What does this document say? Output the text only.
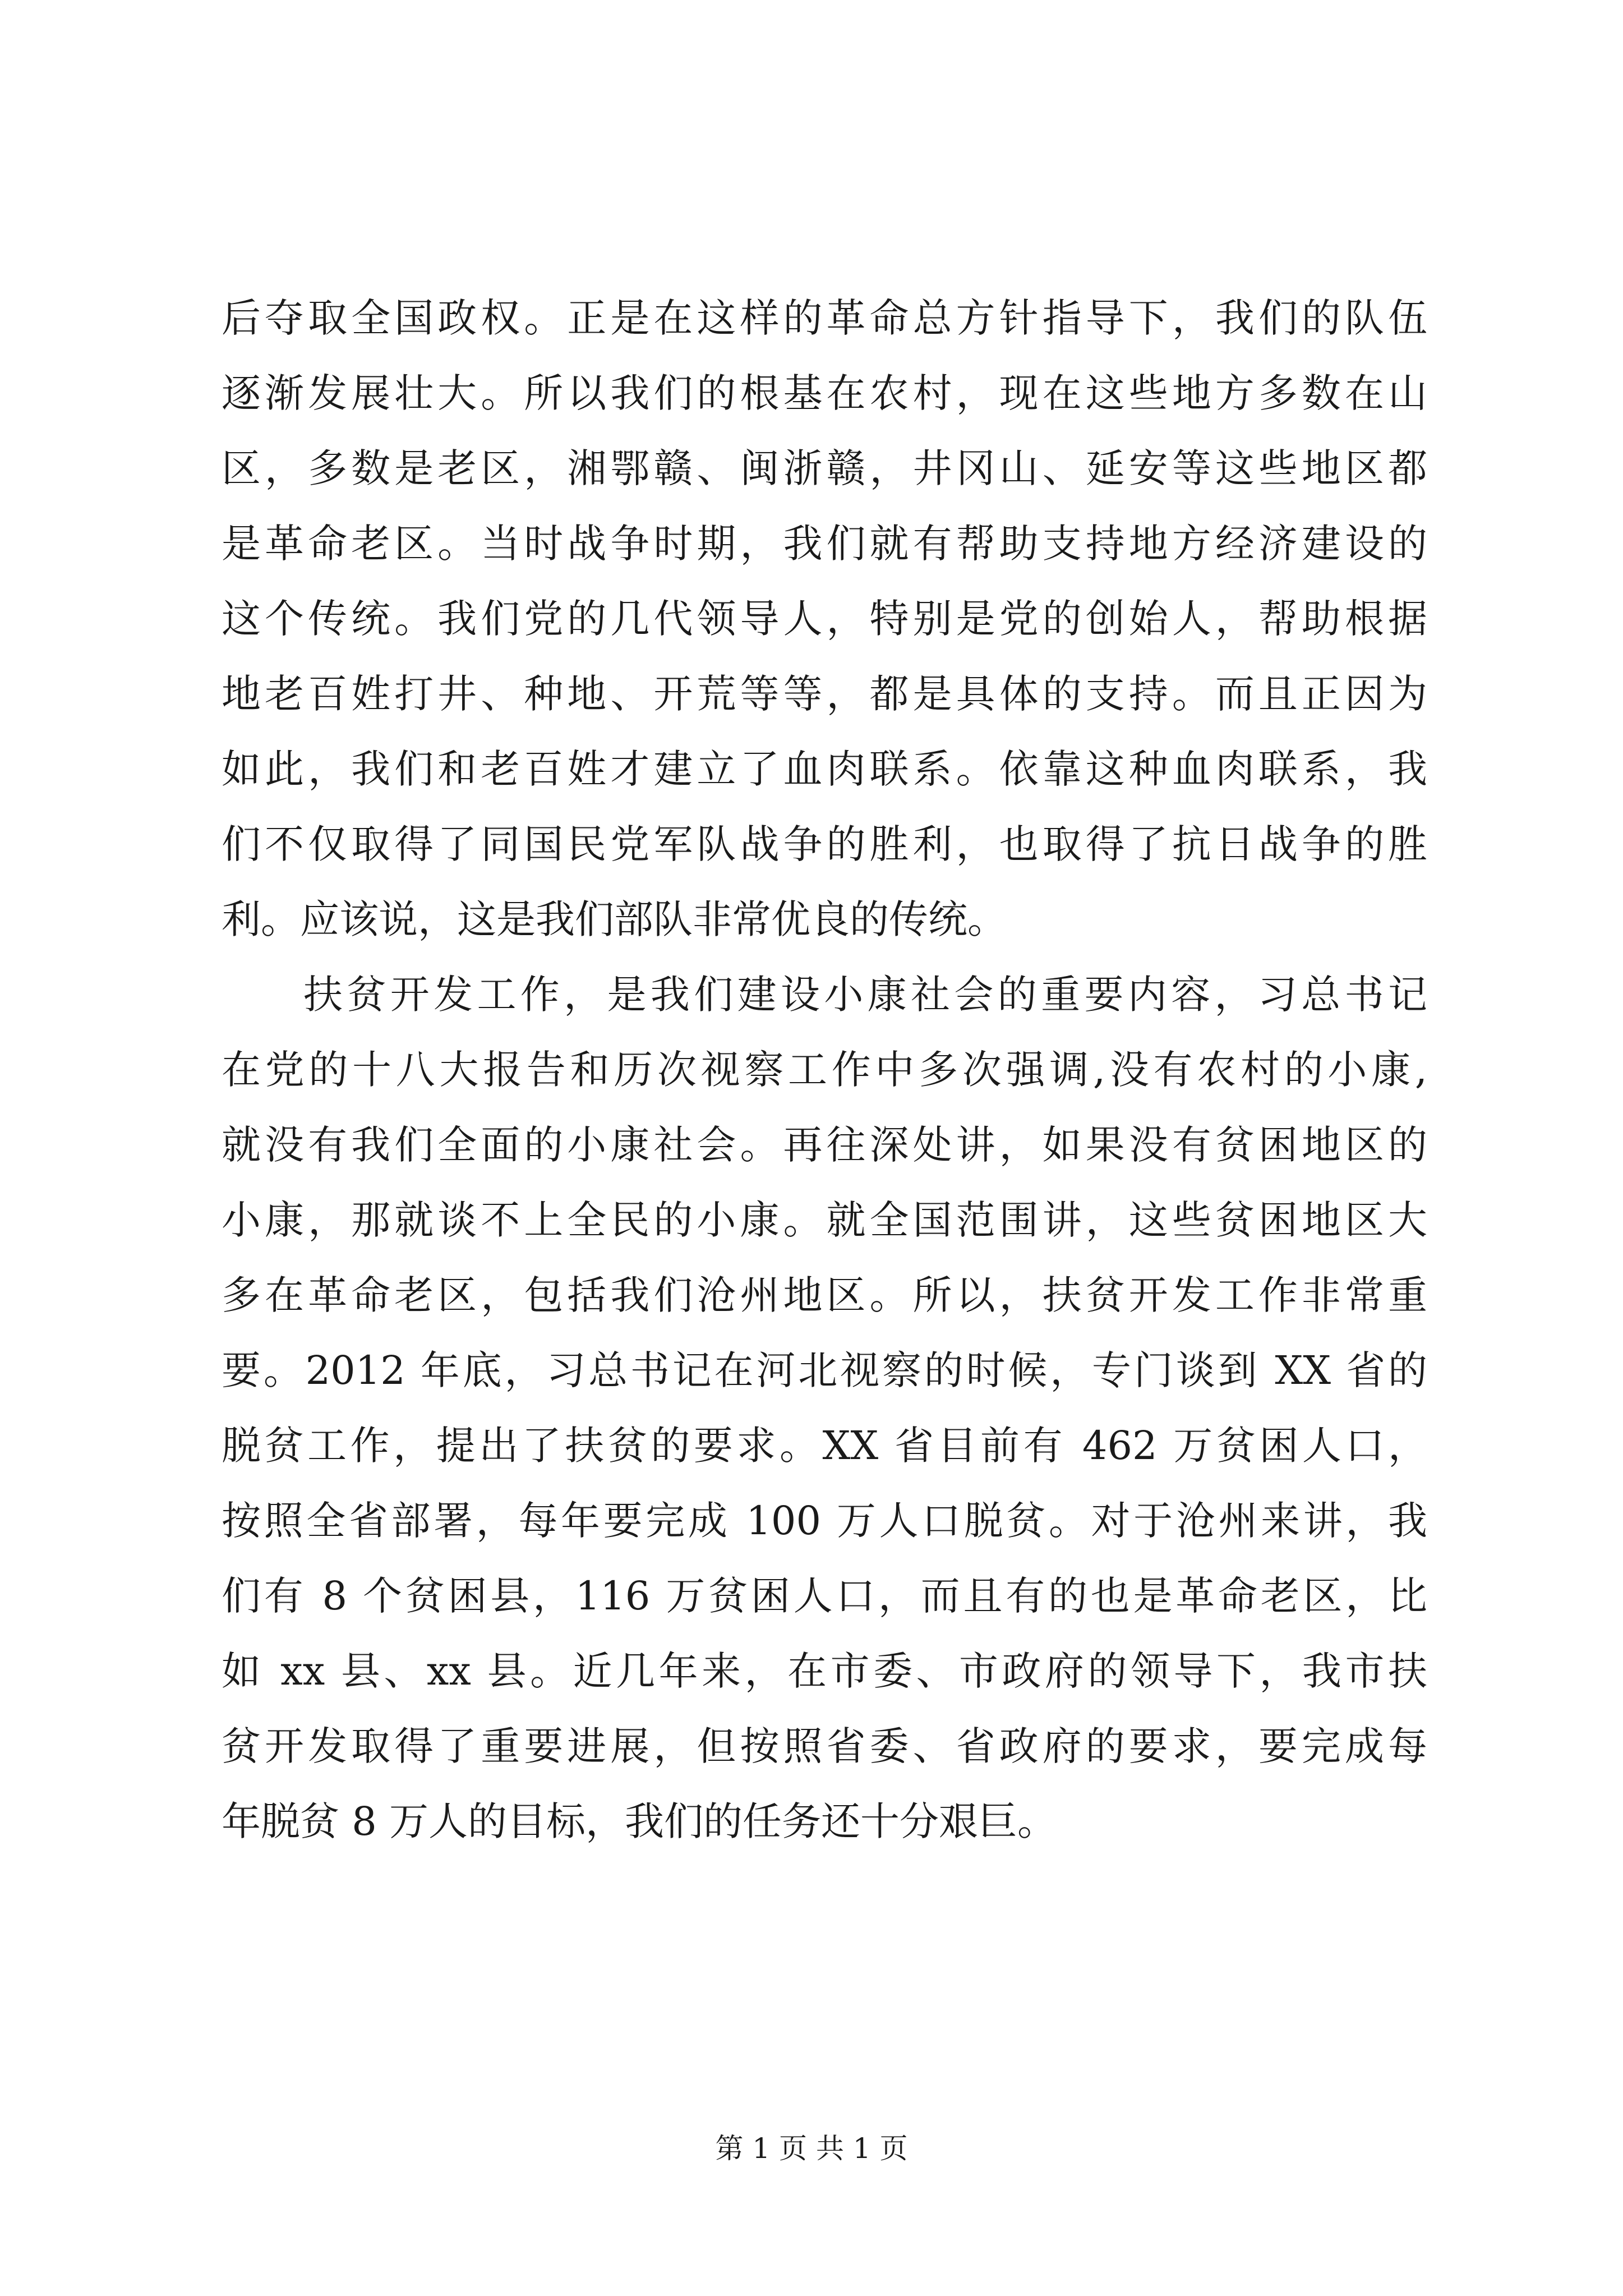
后夺取全国政权。正是在这样的革命总方针指导下，我们的队伍
逐渐发展壮大。所以我们的根基在农村，现在这些地方多数在山
区，多数是老区，湘鄂赣、闽浙赣，井冈山、延安等这些地区都
是革命老区。当时战争时期，我们就有帮助支持地方经济建设的
这个传统。我们党的几代领导人，特别是党的创始人，帮助根据
地老百姓打井、种地、开荒等等，都是具体的支持。而且正因为
如此，我们和老百姓才建立了血肉联系。依靠这种血肉联系，我
们不仅取得了同国民党军队战争的胜利，也取得了抗日战争的胜
利。应该说，这是我们部队非常优良的传统。
扶贫开发工作，是我们建设小康社会的重要内容，习总书记
在党的十八大报告和历次视察工作中多次强调,没有农村的小康,
就没有我们全面的小康社会。再往深处讲，如果没有贫困地区的
小康，那就谈不上全民的小康。就全国范围讲，这些贫困地区大
多在革命老区，包括我们沧州地区。所以，扶贫开发工作非常重
要。2012 年底，习总书记在河北视察的时候，专门谈到 XX 省的
脱贫工作，提出了扶贫的要求。XX 省目前有 462 万贫困人口，
按照全省部署，每年要完成 100 万人口脱贫。对于沧州来讲，我
们有 8 个贫困县，116 万贫困人口，而且有的也是革命老区，比
如 xx 县、xx 县。近几年来，在市委、市政府的领导下，我市扶
贫开发取得了重要进展，但按照省委、省政府的要求，要完成每
年脱贫 8 万人的目标，我们的任务还十分艰巨。
第 1 页 共 1 页
